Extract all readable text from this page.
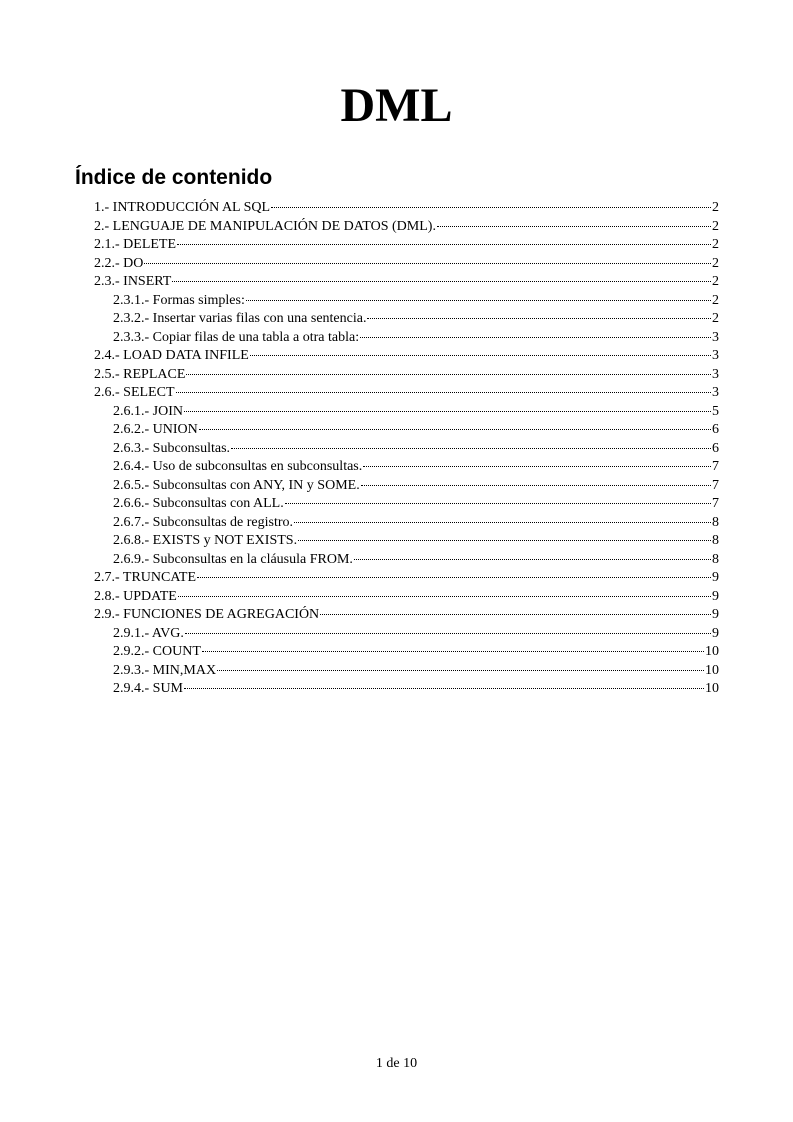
DML
Índice de contenido
1.- INTRODUCCIÓN AL SQL	2
2.- LENGUAJE DE MANIPULACIÓN DE DATOS (DML).	2
2.1.- DELETE	2
2.2.- DO	2
2.3.- INSERT	2
2.3.1.- Formas simples:	2
2.3.2.- Insertar varias filas con una sentencia.	2
2.3.3.- Copiar filas de una tabla a otra tabla:	3
2.4.- LOAD DATA INFILE	3
2.5.- REPLACE	3
2.6.- SELECT	3
2.6.1.- JOIN	5
2.6.2.- UNION	6
2.6.3.- Subconsultas.	6
2.6.4.- Uso de subconsultas en subconsultas.	7
2.6.5.- Subconsultas con ANY, IN y SOME.	7
2.6.6.- Subconsultas con ALL.	7
2.6.7.- Subconsultas de registro.	8
2.6.8.- EXISTS y NOT EXISTS.	8
2.6.9.- Subconsultas en la cláusula FROM.	8
2.7.- TRUNCATE	9
2.8.- UPDATE	9
2.9.- FUNCIONES DE AGREGACIÓN	9
2.9.1.- AVG.	9
2.9.2.- COUNT	10
2.9.3.- MIN,MAX	10
2.9.4.- SUM	10
1 de 10
